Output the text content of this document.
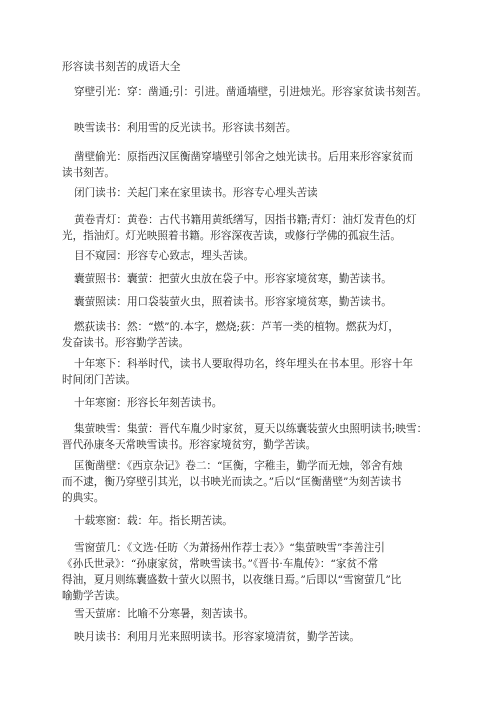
形容读书刻苦的成语大全
穿壁引光：穿：凿通;引：引进。凿通墙壁，引进烛光。形容家贫读书刻苦。
映雪读书：利用雪的反光读书。形容读书刻苦。
凿壁偷光：原指西汉匡衡凿穿墙壁引邻舍之烛光读书。后用来形容家贫而
读书刻苦。
闭门读书：关起门来在家里读书。形容专心埋头苦读
黄卷青灯：黄卷：古代书籍用黄纸缮写，因指书籍;青灯：油灯发青色的灯
光，指油灯。灯光映照着书籍。形容深夜苦读，或修行学佛的孤寂生活。
目不窥园：形容专心致志，埋头苦读。
囊萤照书：囊萤：把萤火虫放在袋子中。形容家境贫寒，勤苦读书。
囊萤照读：用口袋装萤火虫，照着读书。形容家境贫寒，勤苦读书。
燃荻读书：然：“燃”的.本字，燃烧;荻：芦苇一类的植物。燃荻为灯，
发奋读书。形容勤学苦读。
十年寒下：科举时代，读书人要取得功名，终年埋头在书本里。形容十年
时间闭门苦读。
十年寒窗：形容长年刻苦读书。
集萤映雪：集萤：晋代车胤少时家贫，夏天以练囊装萤火虫照明读书;映雪：
晋代孙康冬天常映雪读书。形容家境贫穷，勤学苦读。
匡衡凿壁：《西京杂记》卷二：“匡衡，字稚圭，勤学而无烛，邻舍有烛
而不逮，衡乃穿壁引其光，以书映光而读之。”后以“匡衡凿壁”为刻苦读书
的典实。
十载寒窗：载：年。指长期苦读。
雪窗萤几：《文选·任昉〈为萧扬州作荐士表〉》“集萤映雪”李善注引
《孙氏世录》：“孙康家贫，常映雪读书。”《晋书·车胤传》：“家贫不常
得油，夏月则练囊盛数十萤火以照书，以夜继日焉。”后即以“雪窗萤几”比
喻勤学苦读。
雪天萤席：比喻不分寒暑，刻苦读书。
映月读书：利用月光来照明读书。形容家境清贫，勤学苦读。
